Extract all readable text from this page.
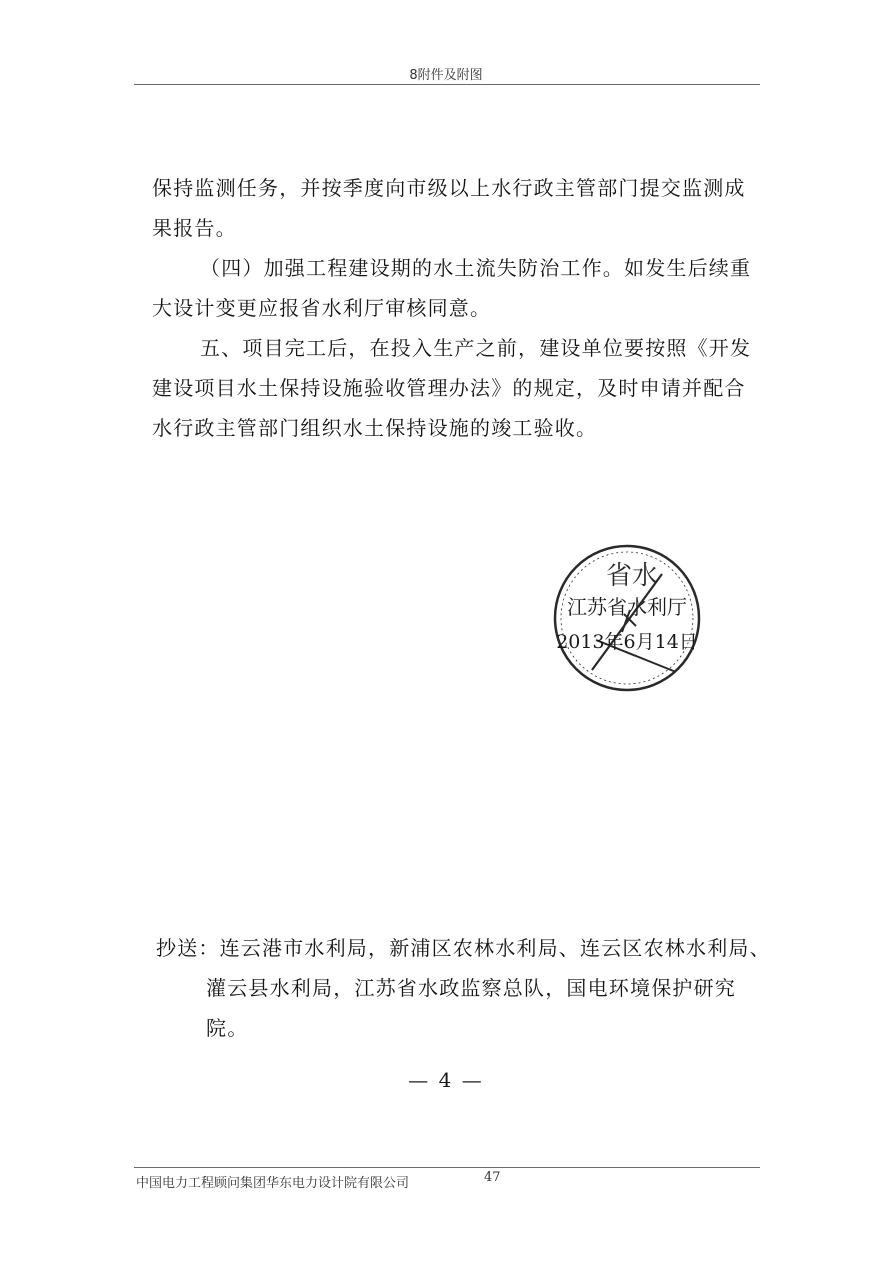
8附件及附图
保持监测任务，并按季度向市级以上水行政主管部门提交监测成
果报告。
（四）加强工程建设期的水土流失防治工作。如发生后续重
大设计变更应报省水利厅审核同意。
五、项目完工后，在投入生产之前，建设单位要按照《开发
建设项目水土保持设施验收管理办法》的规定，及时申请并配合
水行政主管部门组织水土保持设施的竣工验收。
省水
江苏省水利厅
2013年6月14日
抄送：连云港市水利局，新浦区农林水利局、连云区农林水利局、
灌云县水利局，江苏省水政监察总队，国电环境保护研究
院。
— 4 —
中国电力工程顾问集团华东电力设计院有限公司	47
